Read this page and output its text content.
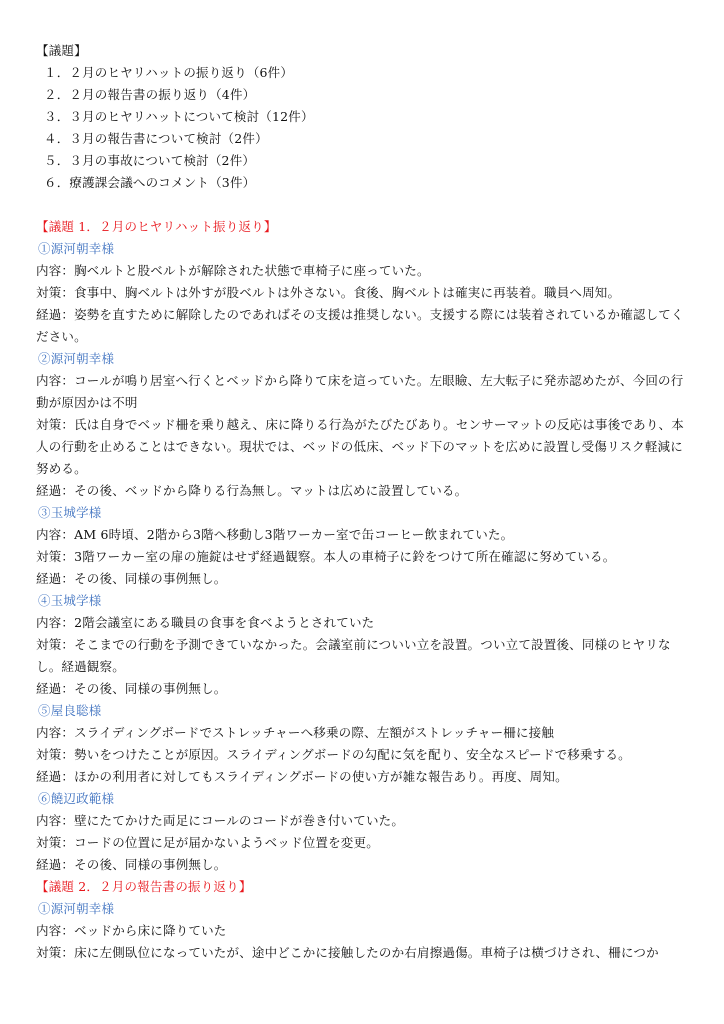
【議題】
１．２月のヒヤリハットの振り返り（6件）
２．２月の報告書の振り返り（4件）
３．３月のヒヤリハットについて検討（12件）
４．３月の報告書について検討（2件）
５．３月の事故について検討（2件）
６．療護課会議へのコメント（3件）
【議題 1．２月のヒヤリハット振り返り】
①源河朝幸様
内容：胸ベルトと股ベルトが解除された状態で車椅子に座っていた。
対策：食事中、胸ベルトは外すが股ベルトは外さない。食後、胸ベルトは確実に再装着。職員へ周知。
経過：姿勢を直すために解除したのであればその支援は推奨しない。支援する際には装着されているか確認してください。
②源河朝幸様
内容：コールが鳴り居室へ行くとベッドから降りて床を這っていた。左眼瞼、左大転子に発赤認めたが、今回の行動が原因かは不明
対策：氏は自身でベッド柵を乗り越え、床に降りる行為がたびたびあり。センサーマットの反応は事後であり、本人の行動を止めることはできない。現状では、ベッドの低床、ベッド下のマットを広めに設置し受傷リスク軽減に努める。
経過：その後、ベッドから降りる行為無し。マットは広めに設置している。
③玉城学様
内容：AM 6時頃、2階から3階へ移動し3階ワーカー室で缶コーヒー飲まれていた。
対策：3階ワーカー室の扉の施錠はせず経過観察。本人の車椅子に鈴をつけて所在確認に努めている。
経過：その後、同様の事例無し。
④玉城学様
内容：2階会議室にある職員の食事を食べようとされていた
対策：そこまでの行動を予測できていなかった。会議室前についい立を設置。つい立て設置後、同様のヒヤリなし。経過観察。
経過：その後、同様の事例無し。
⑤屋良聡様
内容：スライディングボードでストレッチャーへ移乗の際、左額がストレッチャー柵に接触
対策：勢いをつけたことが原因。スライディングボードの勾配に気を配り、安全なスピードで移乗する。
経過：ほかの利用者に対してもスライディングボードの使い方が雑な報告あり。再度、周知。
⑥饒辺政範様
内容：壁にたてかけた両足にコールのコードが巻き付いていた。
対策：コードの位置に足が届かないようベッド位置を変更。
経過：その後、同様の事例無し。
【議題 2．２月の報告書の振り返り】
①源河朝幸様
内容：ベッドから床に降りていた
対策：床に左側臥位になっていたが、途中どこかに接触したのか右肩擦過傷。車椅子は横づけされ、柵につか
